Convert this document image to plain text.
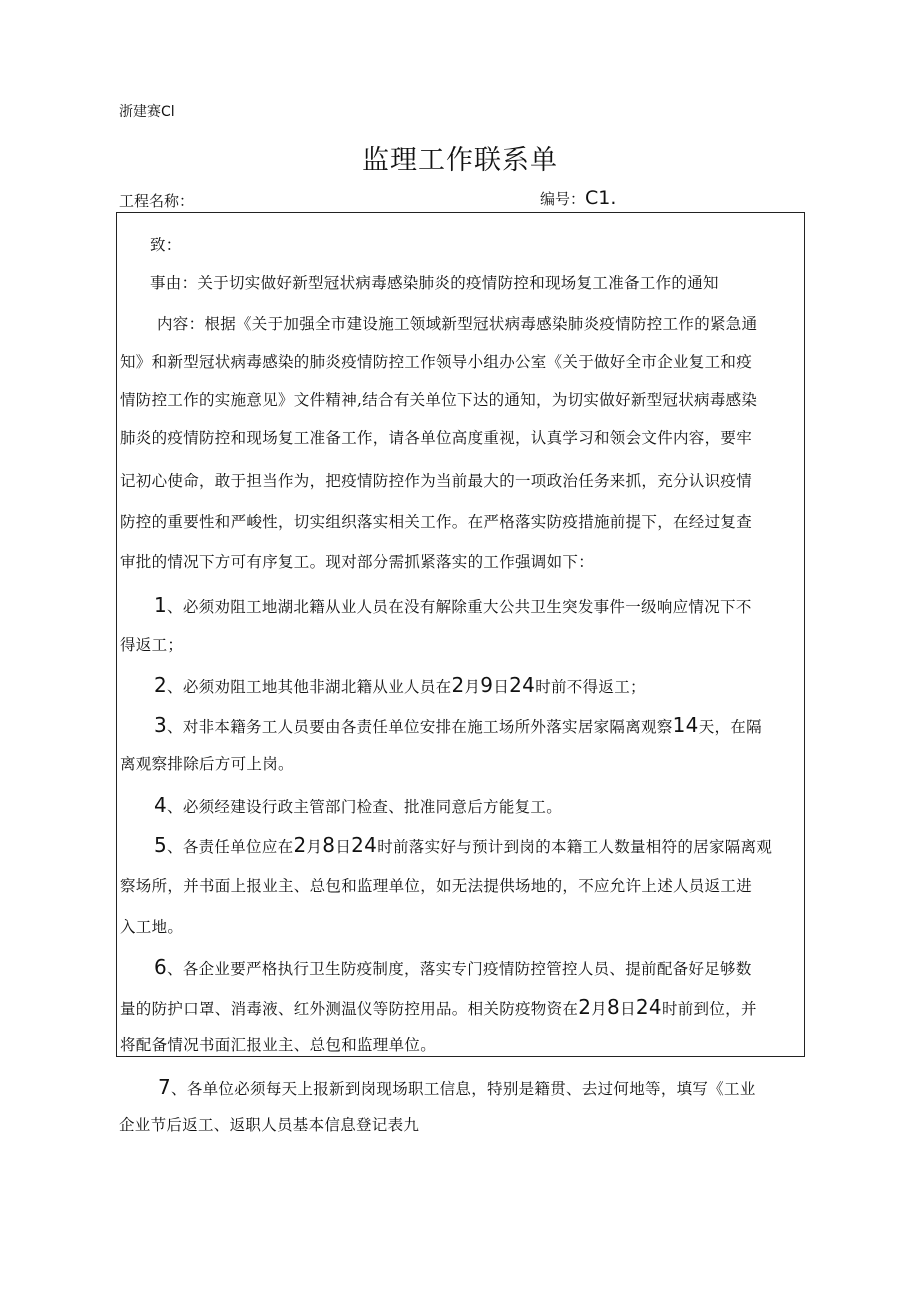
浙建赛Cl
监理工作联系单
工程名称：	编号：C1.
致：
事由：关于切实做好新型冠状病毒感染肺炎的疫情防控和现场复工准备工作的通知
内容：根据《关于加强全市建设施工领域新型冠状病毒感染肺炎疫情防控工作的紧急通
知》和新型冠状病毒感染的肺炎疫情防控工作领导小组办公室《关于做好全市企业复工和疫
情防控工作的实施意见》文件精神,结合有关单位下达的通知，为切实做好新型冠状病毒感染
肺炎的疫情防控和现场复工准备工作，请各单位高度重视，认真学习和领会文件内容，要牢
记初心使命，敢于担当作为，把疫情防控作为当前最大的一项政治任务来抓，充分认识疫情
防控的重要性和严峻性，切实组织落实相关工作。在严格落实防疫措施前提下，在经过复查
审批的情况下方可有序复工。现对部分需抓紧落实的工作强调如下：
1、必须劝阻工地湖北籍从业人员在没有解除重大公共卫生突发事件一级响应情况下不
得返工；
2、必须劝阻工地其他非湖北籍从业人员在2月9日24时前不得返工；
3、对非本籍务工人员要由各责任单位安排在施工场所外落实居家隔离观察14天，在隔
离观察排除后方可上岗。
4、必须经建设行政主管部门检查、批准同意后方能复工。
5、各责任单位应在2月8日24时前落实好与预计到岗的本籍工人数量相符的居家隔离观
察场所，并书面上报业主、总包和监理单位，如无法提供场地的，不应允许上述人员返工进
入工地。
6、各企业要严格执行卫生防疫制度，落实专门疫情防控管控人员、提前配备好足够数
量的防护口罩、消毒液、红外测温仪等防控用品。相关防疫物资在2月8日24时前到位，并
将配备情况书面汇报业主、总包和监理单位。
7、各单位必须每天上报新到岗现场职工信息，特别是籍贯、去过何地等，填写《工业
企业节后返工、返职人员基本信息登记表九
